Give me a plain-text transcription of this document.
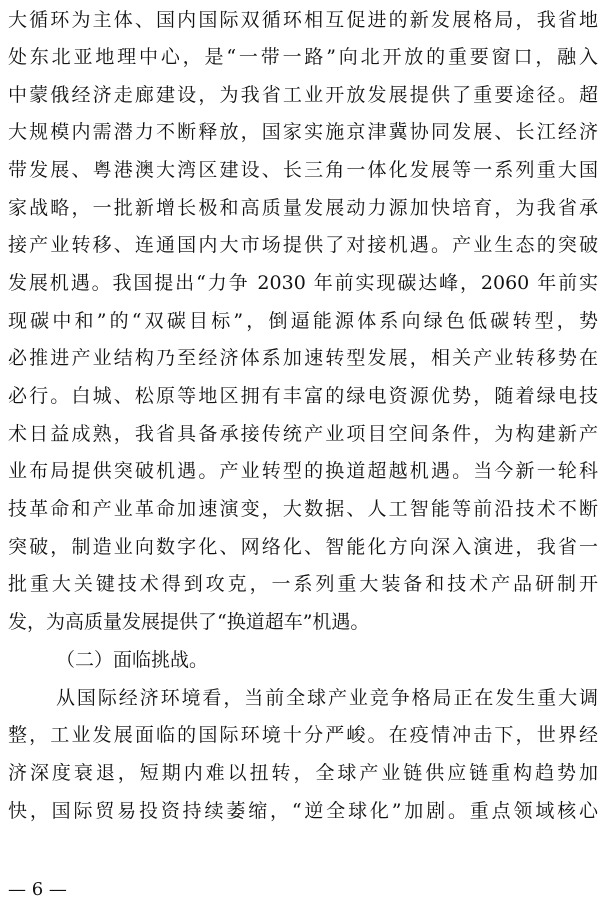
大循环为主体、国内国际双循环相互促进的新发展格局，我省地
处东北亚地理中心，是“一带一路”向北开放的重要窗口，融入
中蒙俄经济走廊建设，为我省工业开放发展提供了重要途径。超
大规模内需潜力不断释放，国家实施京津冀协同发展、长江经济
带发展、粤港澳大湾区建设、长三角一体化发展等一系列重大国
家战略，一批新增长极和高质量发展动力源加快培育，为我省承
接产业转移、连通国内大市场提供了对接机遇。产业生态的突破
发展机遇。我国提出“力争 2030 年前实现碳达峰，2060 年前实
现碳中和”的“双碳目标”，倒逼能源体系向绿色低碳转型，势
必推进产业结构乃至经济体系加速转型发展，相关产业转移势在
必行。白城、松原等地区拥有丰富的绿电资源优势，随着绿电技
术日益成熟，我省具备承接传统产业项目空间条件，为构建新产
业布局提供突破机遇。产业转型的换道超越机遇。当今新一轮科
技革命和产业革命加速演变，大数据、人工智能等前沿技术不断
突破，制造业向数字化、网络化、智能化方向深入演进，我省一
批重大关键技术得到攻克，一系列重大装备和技术产品研制开
发，为高质量发展提供了“换道超车”机遇。
（二）面临挑战。
从国际经济环境看，当前全球产业竞争格局正在发生重大调
整，工业发展面临的国际环境十分严峻。在疫情冲击下，世界经
济深度衰退，短期内难以扭转，全球产业链供应链重构趋势加
快，国际贸易投资持续萎缩，“逆全球化”加剧。重点领域核心
— 6 —
